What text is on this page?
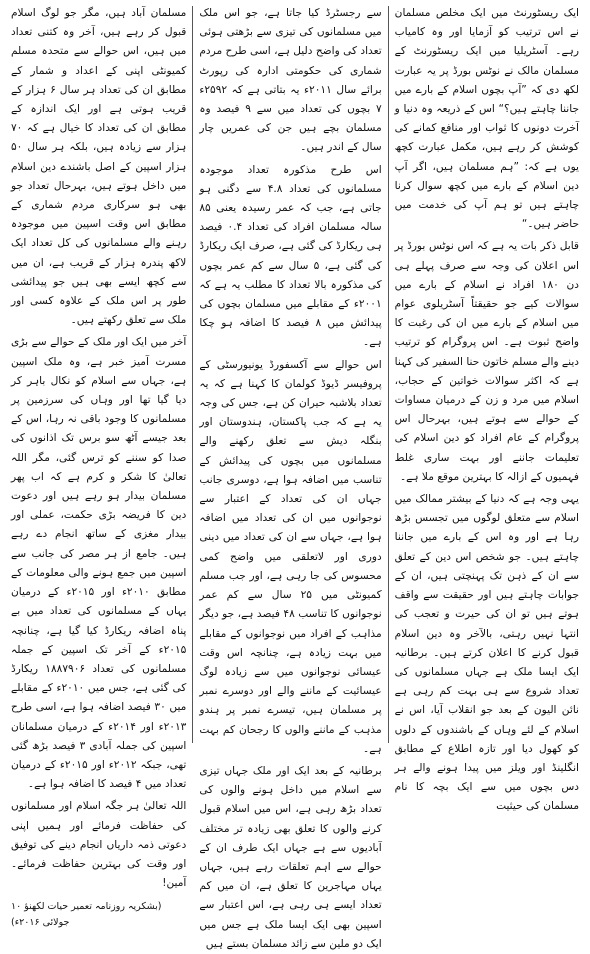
ایک ریسٹورنٹ میں ایک مخلص مسلمان نے اس ترتیب کو آزمایا اور وہ کامیاب رہے۔ آسٹریلیا میں ایک ریسٹورنٹ کے مسلمان مالک نے نوٹس بورڈ پر یہ عبارت لکھ دی کہ ”آپ بچوں اسلام کے بارے میں جاننا چاہتے ہیں؟“ اس کے ذریعہ وہ دنیا و آخرت دونوں کا ثواب اور منافع کمانے کی کوشش کر رہے ہیں، مکمل عبارت کچھ یوں ہے کہ: ”ہم مسلمان ہیں، اگر آپ دین اسلام کے بارے میں کچھ سوال کرنا چاہتے ہیں تو ہم آپ کی خدمت میں حاضر ہیں۔“

قابل ذکر بات یہ ہے کہ اس نوٹس بورڈ پر اس اعلان کی وجہ سے صرف پہلے ہی دن ۱۸۰ افراد نے اسلام کے بارے میں سوالات کیے جو حقیقتاً آسٹریلوی عوام میں اسلام کے بارے میں ان کی رغبت کا واضح ثبوت ہے۔ اس پروگرام کو ترتیب دینے والے مسلم خاتون حنا السفیر کی کہنا ہے کہ اکثر سوالات خواتین کے حجاب، اسلام میں مرد و زن کے درمیان مساوات کے حوالے سے ہوتے ہیں، بہرحال اس پروگرام کے عام افراد کو دین اسلام کی تعلیمات جاننے اور بہت ساری غلط فہمیوں کے ازالہ کا بہترین موقع ملا ہے۔

یہی وجہ ہے کہ دنیا کے بیشتر ممالک میں اسلام سے متعلق لوگوں میں تجسس بڑھ رہا ہے اور وہ اس کے بارے میں جاننا چاہتے ہیں۔ جو شخص اس دین کے تعلق سے ان کے ذہن تک پہنچتی ہیں، ان کے جوابات چاہتے ہیں اور حقیقت سے واقف ہوتے ہیں تو ان کی حیرت و تعجب کی انتہا نہیں رہتی، بالآخر وہ دین اسلام قبول کرنے کا اعلان کرتے ہیں۔ برطانیہ ایک ایسا ملک ہے جہاں مسلمانوں کی تعداد شروع سے ہی بہت کم رہی ہے نائن الیون کے بعد جو انقلاب آیا، اس نے اسلام کے لئے وہاں کے باشندوں کے دلوں کو کھول دیا اور تازہ اطلاع کے مطابق انگلینڈ اور ویلز میں پیدا ہونے والے ہر دس بچوں میں سے ایک بچہ کا نام مسلمان کی حیثیت

سے رجسٹرڈ کیا جاتا ہے، جو اس ملک میں مسلمانوں کی تیزی سے بڑھتی ہوئی تعداد کی واضح دلیل ہے، اسی طرح مردم شماری کی حکومتی ادارہ کی رپورٹ برائے سال ۲۰۱۱ء یہ بتاتی ہے کہ ۲۵۹۲ء ۷ بچوں کی تعداد میں سے ۹ فیصد وہ مسلمان بچے ہیں جن کی عمریں چار سال کے اندر ہیں۔

اس طرح مذکورہ تعداد موجودہ مسلمانوں کی تعداد ۴.۸ سے دگنی ہو جاتی ہے، جب کہ عمر رسیدہ یعنی ۸۵ سالہ مسلمان افراد کی تعداد ۰.۴ فیصد ہی ریکارڈ کی گئی ہے، صرف ایک ریکارڈ کی گئی ہے، ۵ سال سے کم عمر بچوں کی مذکورہ بالا تعداد کا مطلب یہ ہے کہ ۲۰۰۱ء کے مقابلے میں مسلمان بچوں کی پیدائش میں ۸ فیصد کا اضافہ ہو چکا ہے۔

اس حوالے سے آکسفورڈ یونیورسٹی کے پروفیسر ڈیوڈ کولمان کا کہنا ہے کہ یہ تعداد بلاشبہ حیران کن ہے، جس کی وجہ یہ ہے کہ جب پاکستان، ہندوستان اور بنگلہ دیش سے تعلق رکھنے والے مسلمانوں میں بچوں کی پیدائش کے تناسب میں اضافہ ہوا ہے، دوسری جانب جہاں ان کی تعداد کے اعتبار سے نوجوانوں میں ان کی تعداد میں اضافہ ہوا ہے، جہاں سے ان کی تعداد میں دینی دوری اور لاتعلقی میں واضح کمی محسوس کی جا رہی ہے، اور جب مسلم کمیونٹی میں ۲۵ سال سے کم عمر نوجوانوں کا تناسب ۴۸ فیصد ہے، جو دیگر مذاہب کے افراد میں نوجوانوں کے مقابلے میں بہت زیادہ ہے، چنانچہ اس وقت عیسائی نوجوانوں میں سے زیادہ لوگ عیسائیت کے ماننے والے اور دوسرے نمبر پر مسلمان ہیں، تیسرے نمبر پر ہندو مذہب کے ماننے والوں کا رجحان کم بہت ہے۔

برطانیہ کے بعد ایک اور ملک جہاں تیزی سے اسلام میں داخل ہونے والوں کی تعداد بڑھ رہی ہے، اس میں اسلام قبول کرنے والوں کا تعلق بھی زیادہ تر مختلف آبادیوں سے ہے جہاں ایک طرف ان کے حوالے سے اہم تعلقات رہے ہیں، جہاں یہاں مہاجرین کا تعلق ہے، ان میں کم تعداد ایسے ہی رہی ہے، اس اعتبار سے اسپین بھی ایک ایسا ملک ہے جس میں ایک دو ملین سے زائد مسلمان بستے ہیں

مسلمان آباد ہیں، مگر جو لوگ اسلام قبول کر رہے ہیں، آخر وہ کتنی تعداد میں ہیں، اس حوالے سے متحدہ مسلم کمیونٹی اپنی کے اعداد و شمار کے مطابق ان کی تعداد ہر سال ۶ ہزار کے قریب ہوتی ہے اور ایک اندازہ کے مطابق ان کی تعداد کا خیال ہے کہ ۷۰ ہزار سے زیادہ ہیں، بلکہ ہر سال ۵۰ ہزار اسپین کے اصل باشندے دین اسلام میں داخل ہوتے ہیں، بہرحال تعداد جو بھی ہو سرکاری مردم شماری کے مطابق اس وقت اسپین میں موجودہ رہنے والے مسلمانوں کی کل تعداد ایک لاکھ پندرہ ہزار کے قریب ہے، ان میں سے کچھ ایسے بھی ہیں جو پیدائشی طور پر اس ملک کے علاوہ کسی اور ملک سے تعلق رکھتے ہیں۔

آخر میں ایک اور ملک کے حوالے سے بڑی مسرت آمیز خبر ہے، وہ ملک اسپین ہے، جہاں سے اسلام کو نکال باہر کر دیا گیا تھا اور وہاں کی سرزمین پر مسلمانوں کا وجود باقی نہ رہا، اس کے بعد جیسے آٹھ سو برس تک اذانوں کی صدا کو سننے کو ترس گئی، مگر اللہ تعالیٰ کا شکر و کرم ہے کہ اب پھر مسلمان بیدار ہو رہے ہیں اور دعوت دین کا فریضہ بڑی حکمت، عملی اور بیدار مغزی کے ساتھ انجام دے رہے ہیں۔ جامع از ہر مصر کی جانب سے اسپین میں جمع ہونے والی معلومات کے مطابق ۲۰۱۰ء اور ۲۰۱۵ء کے درمیان یہاں کے مسلمانوں کی تعداد میں بے پناہ اضافہ ریکارڈ کیا گیا ہے، چنانچہ ۲۰۱۵ء کے آخر تک اسپین کے جملہ مسلمانوں کی تعداد ۱۸۸۷۹۰۶ ریکارڈ کی گئی ہے، جس میں ۲۰۱۰ء کے مقابلے میں ۳۰ فیصد اضافہ ہوا ہے، اسی طرح ۲۰۱۳ء اور ۲۰۱۴ء کے درمیان مسلمانان اسپین کی جملہ آبادی ۳ فیصد بڑھ گئی تھی، جبکہ ۲۰۱۲ء اور ۲۰۱۵ء کے درمیان تعداد میں ۴ فیصد کا اضافہ ہوا ہے۔

اللہ تعالیٰ ہر جگہ اسلام اور مسلمانوں کی حفاظت فرمائے اور ہمیں اپنی دعوتی ذمہ داریاں انجام دینے کی توفیق اور وقت کی بہترین حفاظت فرمائے۔ آمین!

(بشکریہ روزنامہ تعمیر حیات لکھنؤ ۱۰ جولائی ۲۰۱۶ء)
